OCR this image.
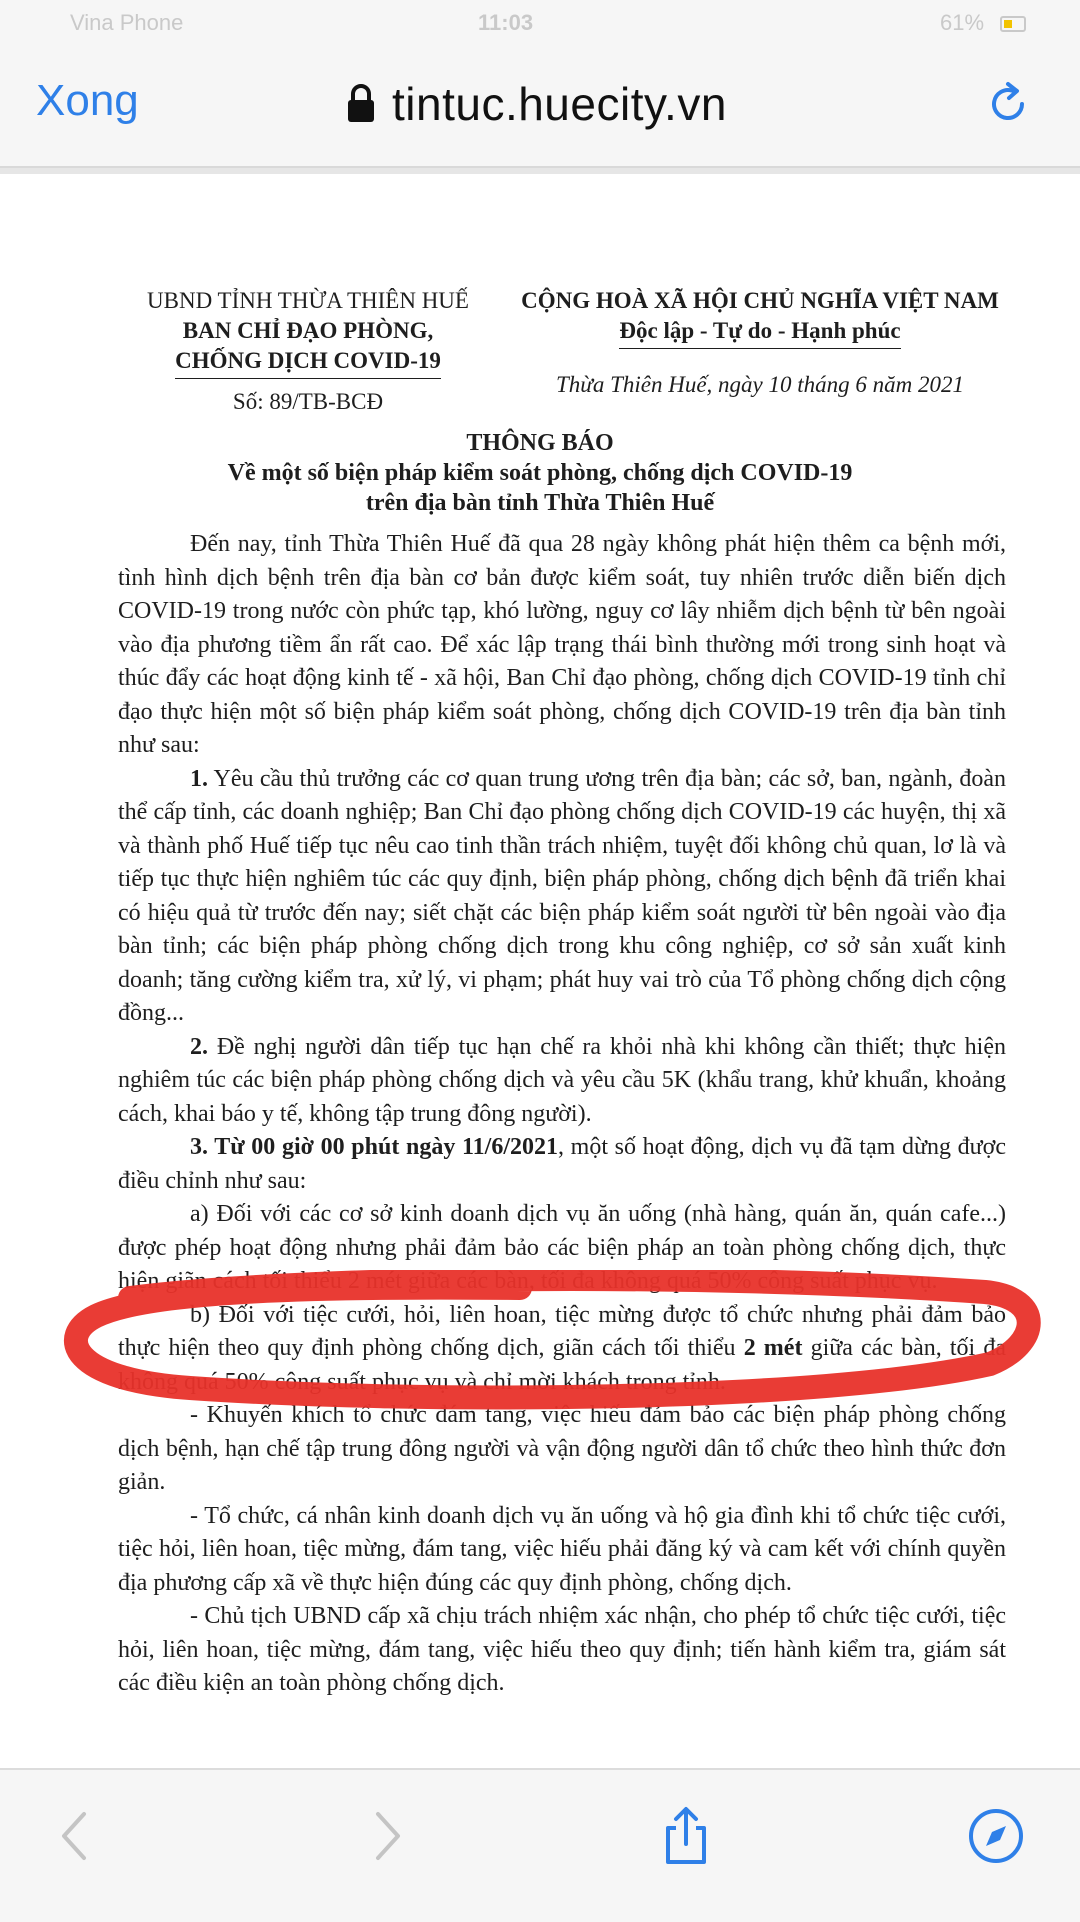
Vina Phone	11:03	61%
Xong	tintuc.huecity.vn
UBND TỈNH THỪA THIÊN HUẾ
BAN CHỈ ĐẠO PHÒNG,
CHỐNG DỊCH COVID-19
Số: 89/TB-BCĐ
CỘNG HOÀ XÃ HỘI CHỦ NGHĨA VIỆT NAM
Độc lập - Tự do - Hạnh phúc
Thừa Thiên Huế, ngày 10 tháng 6 năm 2021
THÔNG BÁO
Về một số biện pháp kiểm soát phòng, chống dịch COVID-19
trên địa bàn tỉnh Thừa Thiên Huế

Đến nay, tỉnh Thừa Thiên Huế đã qua 28 ngày không phát hiện thêm ca bệnh mới, tình hình dịch bệnh trên địa bàn cơ bản được kiểm soát, tuy nhiên trước diễn biến dịch COVID-19 trong nước còn phức tạp, khó lường, nguy cơ lây nhiễm dịch bệnh từ bên ngoài vào địa phương tiềm ẩn rất cao. Để xác lập trạng thái bình thường mới trong sinh hoạt và thúc đẩy các hoạt động kinh tế - xã hội, Ban Chỉ đạo phòng, chống dịch COVID-19 tỉnh chỉ đạo thực hiện một số biện pháp kiểm soát phòng, chống dịch COVID-19 trên địa bàn tỉnh như sau:

1. Yêu cầu thủ trưởng các cơ quan trung ương trên địa bàn; các sở, ban, ngành, đoàn thể cấp tỉnh, các doanh nghiệp; Ban Chỉ đạo phòng chống dịch COVID-19 các huyện, thị xã và thành phố Huế tiếp tục nêu cao tinh thần trách nhiệm, tuyệt đối không chủ quan, lơ là và tiếp tục thực hiện nghiêm túc các quy định, biện pháp phòng, chống dịch bệnh đã triển khai có hiệu quả từ trước đến nay; siết chặt các biện pháp kiểm soát người từ bên ngoài vào địa bàn tỉnh; các biện pháp phòng chống dịch trong khu công nghiệp, cơ sở sản xuất kinh doanh; tăng cường kiểm tra, xử lý, vi phạm; phát huy vai trò của Tổ phòng chống dịch cộng đồng...

2. Đề nghị người dân tiếp tục hạn chế ra khỏi nhà khi không cần thiết; thực hiện nghiêm túc các biện pháp phòng chống dịch và yêu cầu 5K (khẩu trang, khử khuẩn, khoảng cách, khai báo y tế, không tập trung đông người).

3. Từ 00 giờ 00 phút ngày 11/6/2021, một số hoạt động, dịch vụ đã tạm dừng được điều chỉnh như sau:

a) Đối với các cơ sở kinh doanh dịch vụ ăn uống (nhà hàng, quán ăn, quán cafe...) được phép hoạt động nhưng phải đảm bảo các biện pháp an toàn phòng chống dịch, thực hiện giãn cách tối thiểu 2 mét giữa các bàn, tối đa không quá 50% công suất phục vụ.

b) Đối với tiệc cưới, hỏi, liên hoan, tiệc mừng được tổ chức nhưng phải đảm bảo thực hiện theo quy định phòng chống dịch, giãn cách tối thiểu 2 mét giữa các bàn, tối đa không quá 50% công suất phục vụ và chỉ mời khách trong tỉnh.

- Khuyến khích tổ chức đám tang, việc hiếu đảm bảo các biện pháp phòng chống dịch bệnh, hạn chế tập trung đông người và vận động người dân tổ chức theo hình thức đơn giản.

- Tổ chức, cá nhân kinh doanh dịch vụ ăn uống và hộ gia đình khi tổ chức tiệc cưới, tiệc hỏi, liên hoan, tiệc mừng, đám tang, việc hiếu phải đăng ký và cam kết với chính quyền địa phương cấp xã về thực hiện đúng các quy định phòng, chống dịch.

- Chủ tịch UBND cấp xã chịu trách nhiệm xác nhận, cho phép tổ chức tiệc cưới, tiệc hỏi, liên hoan, tiệc mừng, đám tang, việc hiếu theo quy định; tiến hành kiểm tra, giám sát các điều kiện an toàn phòng chống dịch.
